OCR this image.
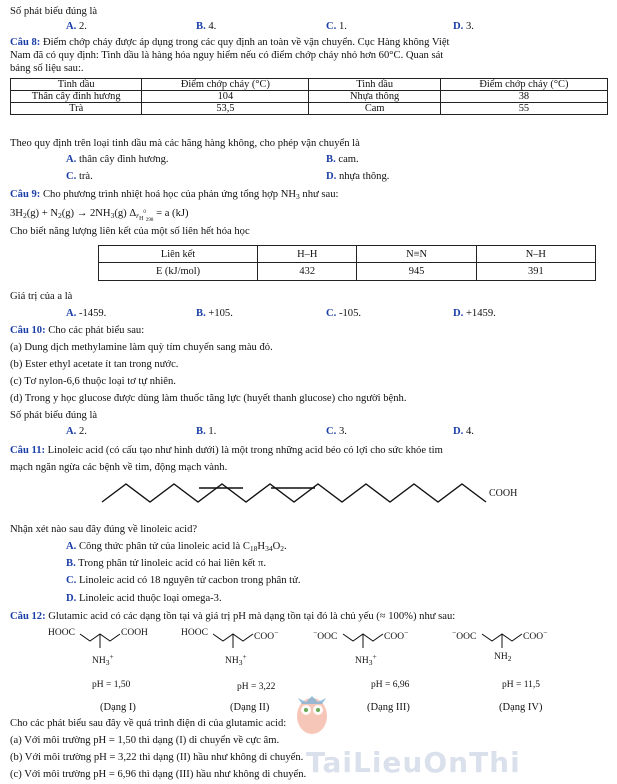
Số phát biểu đúng là
A. 2.	B. 4.	C. 1.	D. 3.
Câu 8: Điểm chớp cháy được áp dụng trong các quy định an toàn về vận chuyển. Cục Hàng không Việt
Nam đã có quy định: Tinh dầu là hàng hóa nguy hiểm nếu có điểm chớp cháy nhỏ hơn 60°C. Quan sát
bảng số liệu sau:.
Tinh dầu	Điểm chớp cháy (°C)	Tinh dầu	Điểm chớp cháy (°C)
Thân cây đinh hương	104	Nhựa thông	38
Trà	53,5	Cam	55
Theo quy định trên loại tinh dầu mà các hãng hàng không, cho phép vận chuyển là
A. thân cây đinh hương.	B. cam.
C. trà.	D. nhựa thông.
Câu 9: Cho phương trình nhiệt hoá học của phản ứng tổng hợp $NH_3$ như sau:
$3H_2(g) + N_2(g) \to 2NH_3(g) \Delta_{rH}^0_{298} = a$ (kJ)
Cho biết năng lượng liên kết của một số liên hết hóa học
Liên kết	H–H	N≡N	N–H
E (kJ/mol)	432	945	391
Giá trị của a là
A. -1459.	B. +105.	C. -105.	D. +1459.
Câu 10: Cho các phát biểu sau:
(a) Dung dịch methylamine làm quỳ tím chuyển sang màu đỏ.
(b) Ester ethyl acetate ít tan trong nước.
(c) Tơ nylon-6,6 thuộc loại tơ tự nhiên.
(d) Trong y học glucose được dùng làm thuốc tăng lực (huyết thanh glucose) cho người bệnh.
Số phát biểu đúng là
A. 2.	B. 1.	C. 3.	D. 4.
Câu 11: Linoleic acid (có cấu tạo như hình dưới) là một trong những acid béo có lợi cho sức khỏe tim
mạch ngăn ngừa các bệnh về tim, động mạch vành.
COOH
Nhận xét nào sau đây đúng về linoleic acid?
A. Công thức phân tử của linoleic acid là $C_{18}H_{34}O_2$.
B. Trong phân tử linoleic acid có hai liên kết π.
C. Linoleic acid có 18 nguyên tử cacbon trong phân tử.
D. Linoleic acid thuộc loại omega-3.
Câu 12: Glutamic acid có các dạng tồn tại và giá trị pH mà dạng tồn tại đó là chủ yếu (≈ 100%) như sau:
HOOC	COOH
$NH_3^+$
HOOC	COO−
$NH_3^+$
−OOC	COO−
$NH_3^+$
−OOC	COO−
$NH_2$
pH = 1,50	pH = 3,22	pH = 6,96	pH = 11,5
(Dạng I)	(Dạng II)	(Dạng III)	(Dạng IV)
Cho các phát biểu sau đây về quá trình điện di của glutamic acid:
(a) Với môi trường pH = 1,50 thì dạng (I) di chuyển về cực âm.
(b) Với môi trường pH = 3,22 thì dạng (II) hầu như không di chuyển.
(c) Với môi trường pH = 6,96 thì dạng (III) hầu như không di chuyển. TaiLieuOnThi
